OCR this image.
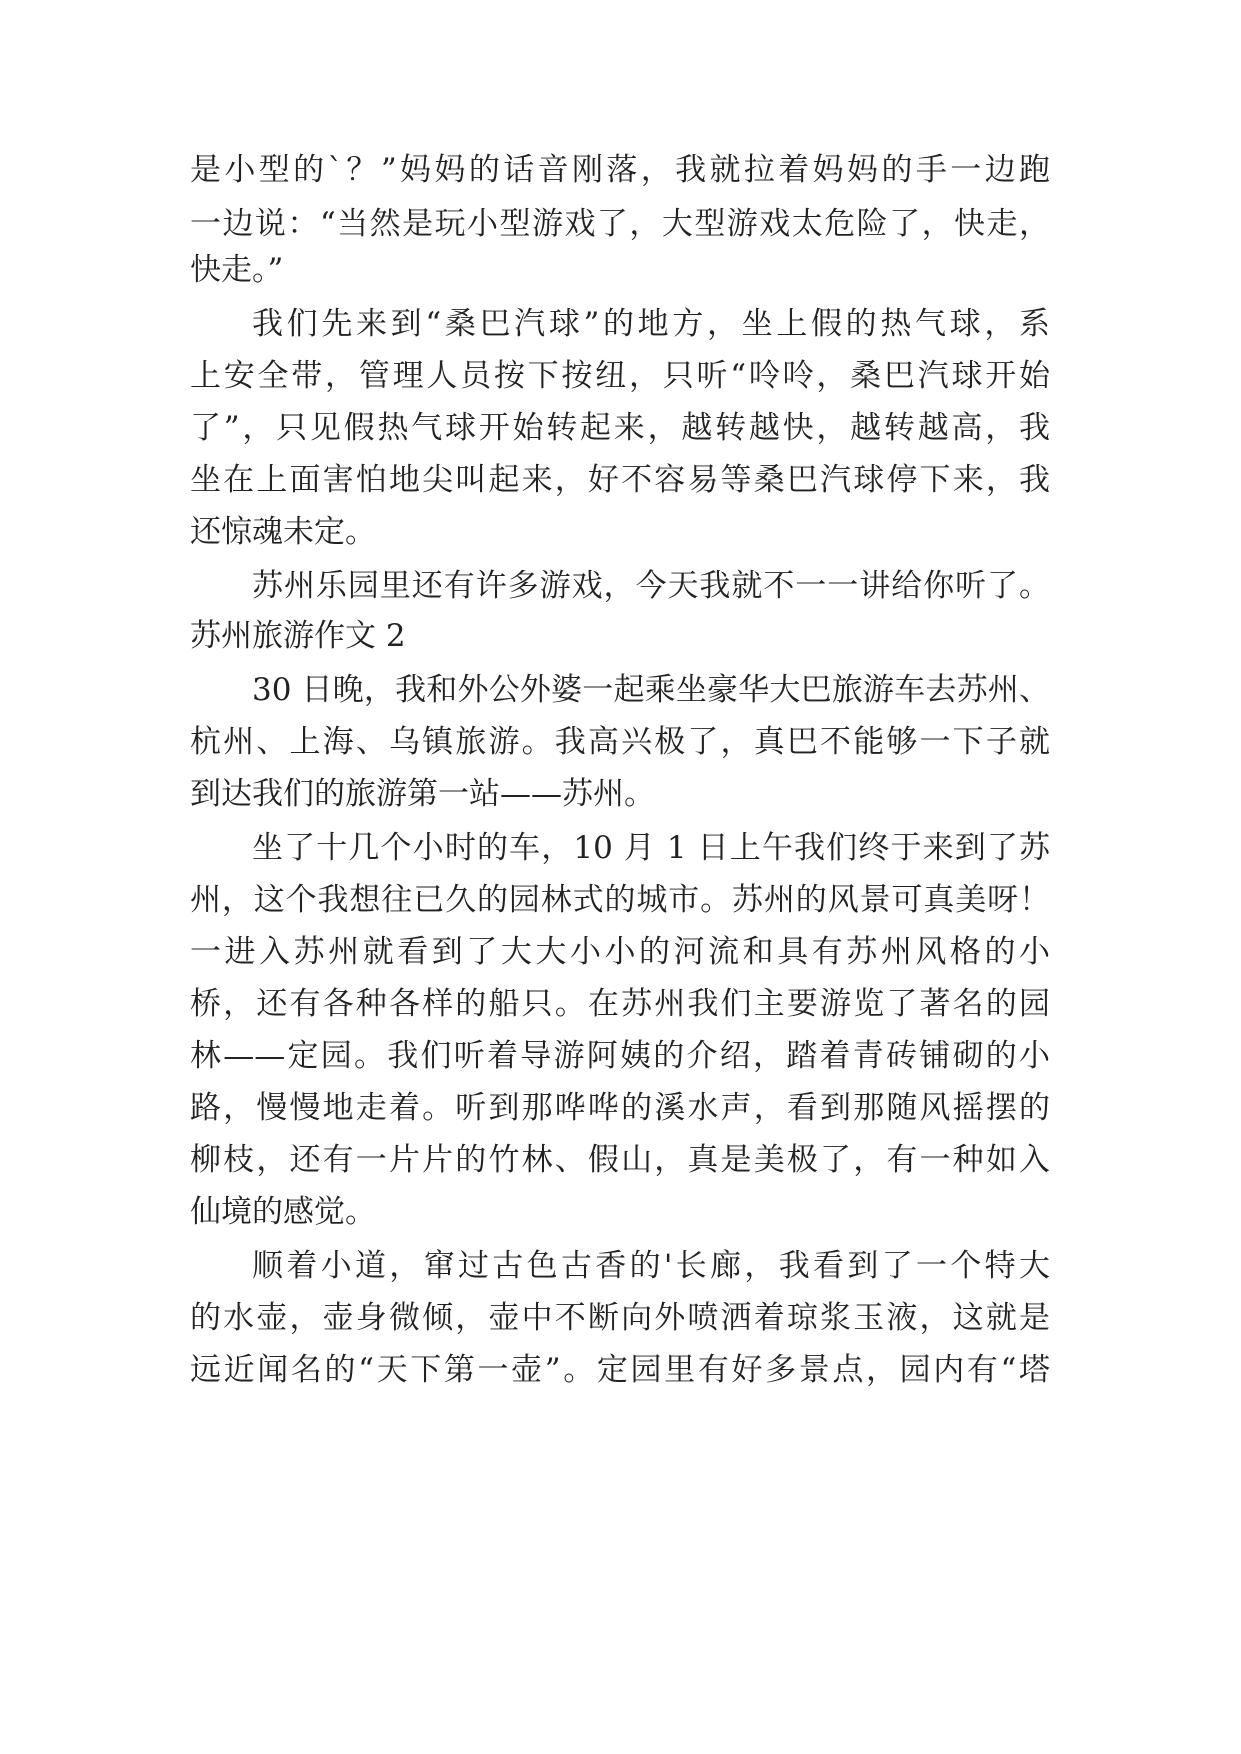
是小型的`？”妈妈的话音刚落，我就拉着妈妈的手一边跑
一边说：“当然是玩小型游戏了，大型游戏太危险了，快走，
快走。”
我们先来到“桑巴汽球”的地方，坐上假的热气球，系
上安全带，管理人员按下按纽，只听“呤呤，桑巴汽球开始
了”，只见假热气球开始转起来，越转越快，越转越高，我
坐在上面害怕地尖叫起来，好不容易等桑巴汽球停下来，我
还惊魂未定。
苏州乐园里还有许多游戏，今天我就不一一讲给你听了。
苏州旅游作文 2
30 日晚，我和外公外婆一起乘坐豪华大巴旅游车去苏州、
杭州、上海、乌镇旅游。我高兴极了，真巴不能够一下子就
到达我们的旅游第一站——苏州。
坐了十几个小时的车，10 月 1 日上午我们终于来到了苏
州，这个我想往已久的园林式的城市。苏州的风景可真美呀！
一进入苏州就看到了大大小小的河流和具有苏州风格的小
桥，还有各种各样的船只。在苏州我们主要游览了著名的园
林——定园。我们听着导游阿姨的介绍，踏着青砖铺砌的小
路，慢慢地走着。听到那哗哗的溪水声，看到那随风摇摆的
柳枝，还有一片片的竹林、假山，真是美极了，有一种如入
仙境的感觉。
顺着小道，窜过古色古香的'长廊，我看到了一个特大
的水壶，壶身微倾，壶中不断向外喷洒着琼浆玉液，这就是
远近闻名的“天下第一壶”。定园里有好多景点，园内有“塔
